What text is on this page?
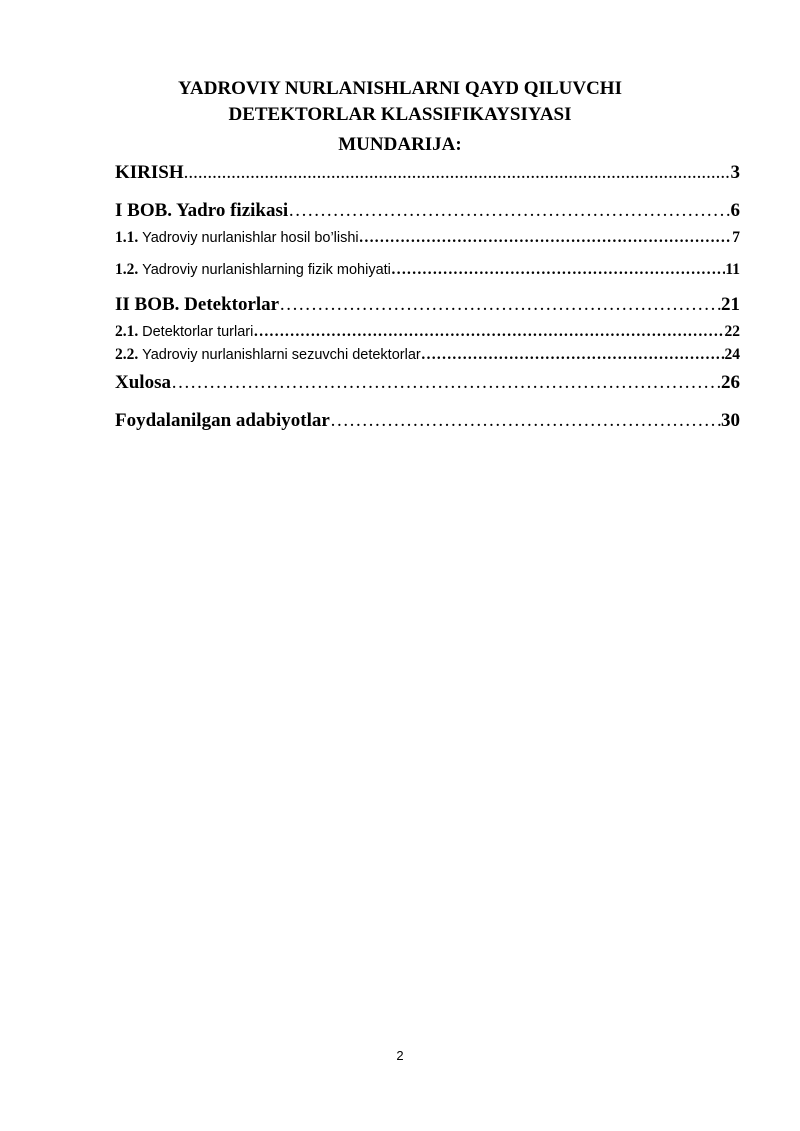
YADROVIY NURLANISHLARNI QAYD QILUVCHI
DETEKTORLAR KLASSIFIKAYSIYASI
MUNDARIJA:
KIRISH .....	3
I BOB. Yadro fizikasi ………………………………………………………………………………………………………………………………………………………………	6
1.1. Yadroviy nurlanishlar hosil bo’lishi ………………………………………………………………………………………………………………………………………………………………	7
1.2. Yadroviy nurlanishlarning fizik mohiyati ………………………………………………………………………………………………………………………………………………………………	11
II BOB. Detektorlar ………………………………………………………………………………………………………………………………………………………………	21
2.1. Detektorlar turlari ………………………………………………………………………………………………………………………………………………………………	22
2.2. Yadroviy nurlanishlarni sezuvchi detektorlar ………………………………………………………………………………………………………………………………………………………………	24
Xulosa ………………………………………………………………………………………………………………………………………………………………	26
Foydalanilgan adabiyotlar ………………………………………………………………………………………………………………………………………………………………	30
2
